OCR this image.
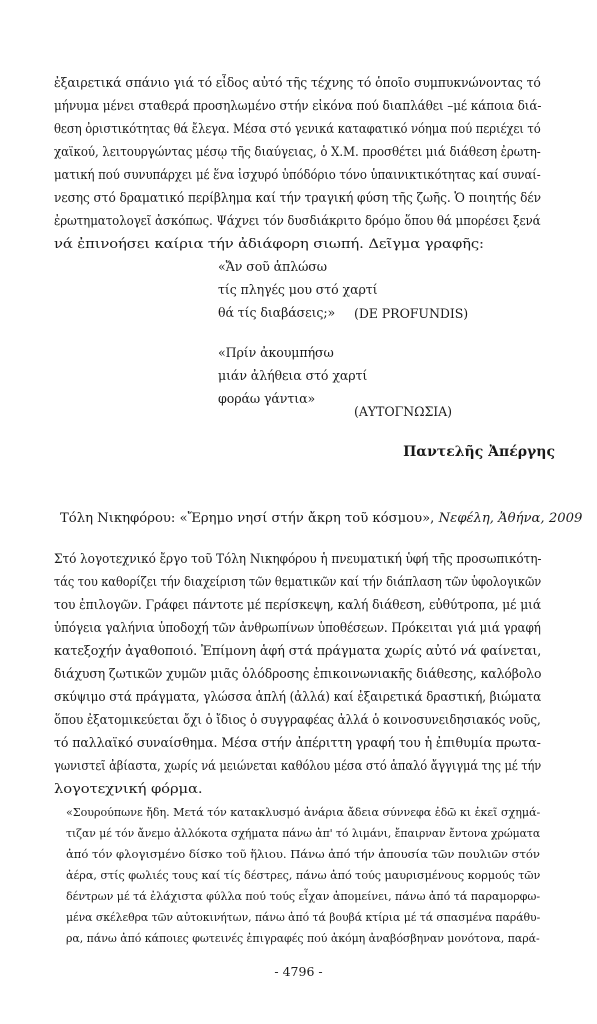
ἐξαιρετικά σπάνιο γιά τό εἶδος αὐτό τῆς τέχνης τό ὁποῖο συμπυκνώνοντας τό
μήνυμα μένει σταθερά προσηλωμένο στήν εἰκόνα πού διαπλάθει –μέ κάποια διά-
θεση ὀριστικότητας θά ἔλεγα. Μέσα στό γενικά καταφατικό νόημα πού περιέχει τό
χαϊκού, λειτουργώντας μέσῳ τῆς διαύγειας, ὁ Χ.Μ. προσθέτει μιά διάθεση ἐρωτη-
ματική πού συνυπάρχει μέ ἕνα ἰσχυρό ὑπόδόριο τόνο ὑπαινικτικότητας καί συναί-
νεσης στό δραματικό περίβλημα καί τήν τραγική φύση τῆς ζωῆς. Ὁ ποιητής δέν
ἐρωτηματολογεῖ ἀσκόπως. Ψάχνει τόν δυσδιάκριτο δρόμο ὅπου θά μπορέσει ξενά
νά ἐπινοήσει καίρια τήν ἀδιάφορη σιωπή. Δεῖγμα γραφῆς:
«Ἄν σοῦ ἁπλώσω
τίς πληγές μου στό χαρτί
θά τίς διαβάσεις;» (DE PROFUNDIS)
«Πρίν ἀκουμπήσω
μιάν ἀλήθεια στό χαρτί
φοράω γάντια»
(ΑΥΤΟΓΝΩΣΙΑ)
Παντελῆς Ἀπέργης
Τόλη Νικηφόρου: «Ἔρημο νησί στήν ἄκρη τοῦ κόσμου», Νεφέλη, Ἀθήνα, 2009
Στό λογοτεχνικό ἔργο τοῦ Τόλη Νικηφόρου ἡ πνευματική ὑφή τῆς προσωπικότη-
τάς του καθορίζει τήν διαχείριση τῶν θεματικῶν καί τήν διάπλαση τῶν ὑφολογικῶν
του ἐπιλογῶν. Γράφει πάντοτε μέ περίσκεψη, καλή διάθεση, εὐθύτροπα, μέ μιά
ὑπόγεια γαλήνια ὑποδοχή τῶν ἀνθρωπίνων ὑποθέσεων. Πρόκειται γιά μιά γραφή
κατεξοχήν ἀγαθοποιό. Ἐπίμονη ἁφή στά πράγματα χωρίς αὐτό νά φαίνεται,
διάχυση ζωτικῶν χυμῶν μιᾶς ὁλόδροσης ἐπικοινωνιακῆς διάθεσης, καλόβολο
σκύψιμο στά πράγματα, γλώσσα ἁπλή (ἀλλά) καί ἐξαιρετικά δραστική, βιώματα
ὅπου ἐξατομικεύεται ὄχι ὁ ἴδιος ὁ συγγραφέας ἀλλά ὁ κοινοσυνειδησιακός νοῦς,
τό παλλαϊκό συναίσθημα. Μέσα στήν ἀπέριττη γραφή του ἡ ἐπιθυμία πρωτα-
γωνιστεῖ ἀβίαστα, χωρίς νά μειώνεται καθόλου μέσα στό ἁπαλό ἄγγιγμά της μέ τήν
λογοτεχνική φόρμα.
«Σουρούπωνε ἤδη. Μετά τόν κατακλυσμό ἀνάρια ἄδεια σύννεφα ἐδῶ κι ἐκεῖ σχημά-
τιζαν μέ τόν ἄνεμο ἀλλόκοτα σχήματα πάνω ἀπ' τό λιμάνι, ἔπαιρναν ἔντονα χρώματα
ἀπό τόν φλογισμένο δίσκο τοῦ ἥλιου. Πάνω ἀπό τήν ἀπουσία τῶν πουλιῶν στόν
ἀέρα, στίς φωλιές τους καί τίς δέστρες, πάνω ἀπό τούς μαυρισμένους κορμούς τῶν
δέντρων μέ τά ἐλάχιστα φύλλα πού τούς εἶχαν ἀπομείνει, πάνω ἀπό τά παραμορφω-
μένα σκέλεθρα τῶν αὐτοκινήτων, πάνω ἀπό τά βουβά κτίρια μέ τά σπασμένα παράθυ-
ρα, πάνω ἀπό κάποιες φωτεινές ἐπιγραφές πού ἀκόμη ἀναβόσβηναν μονότονα, παρά-
- 4796 -
